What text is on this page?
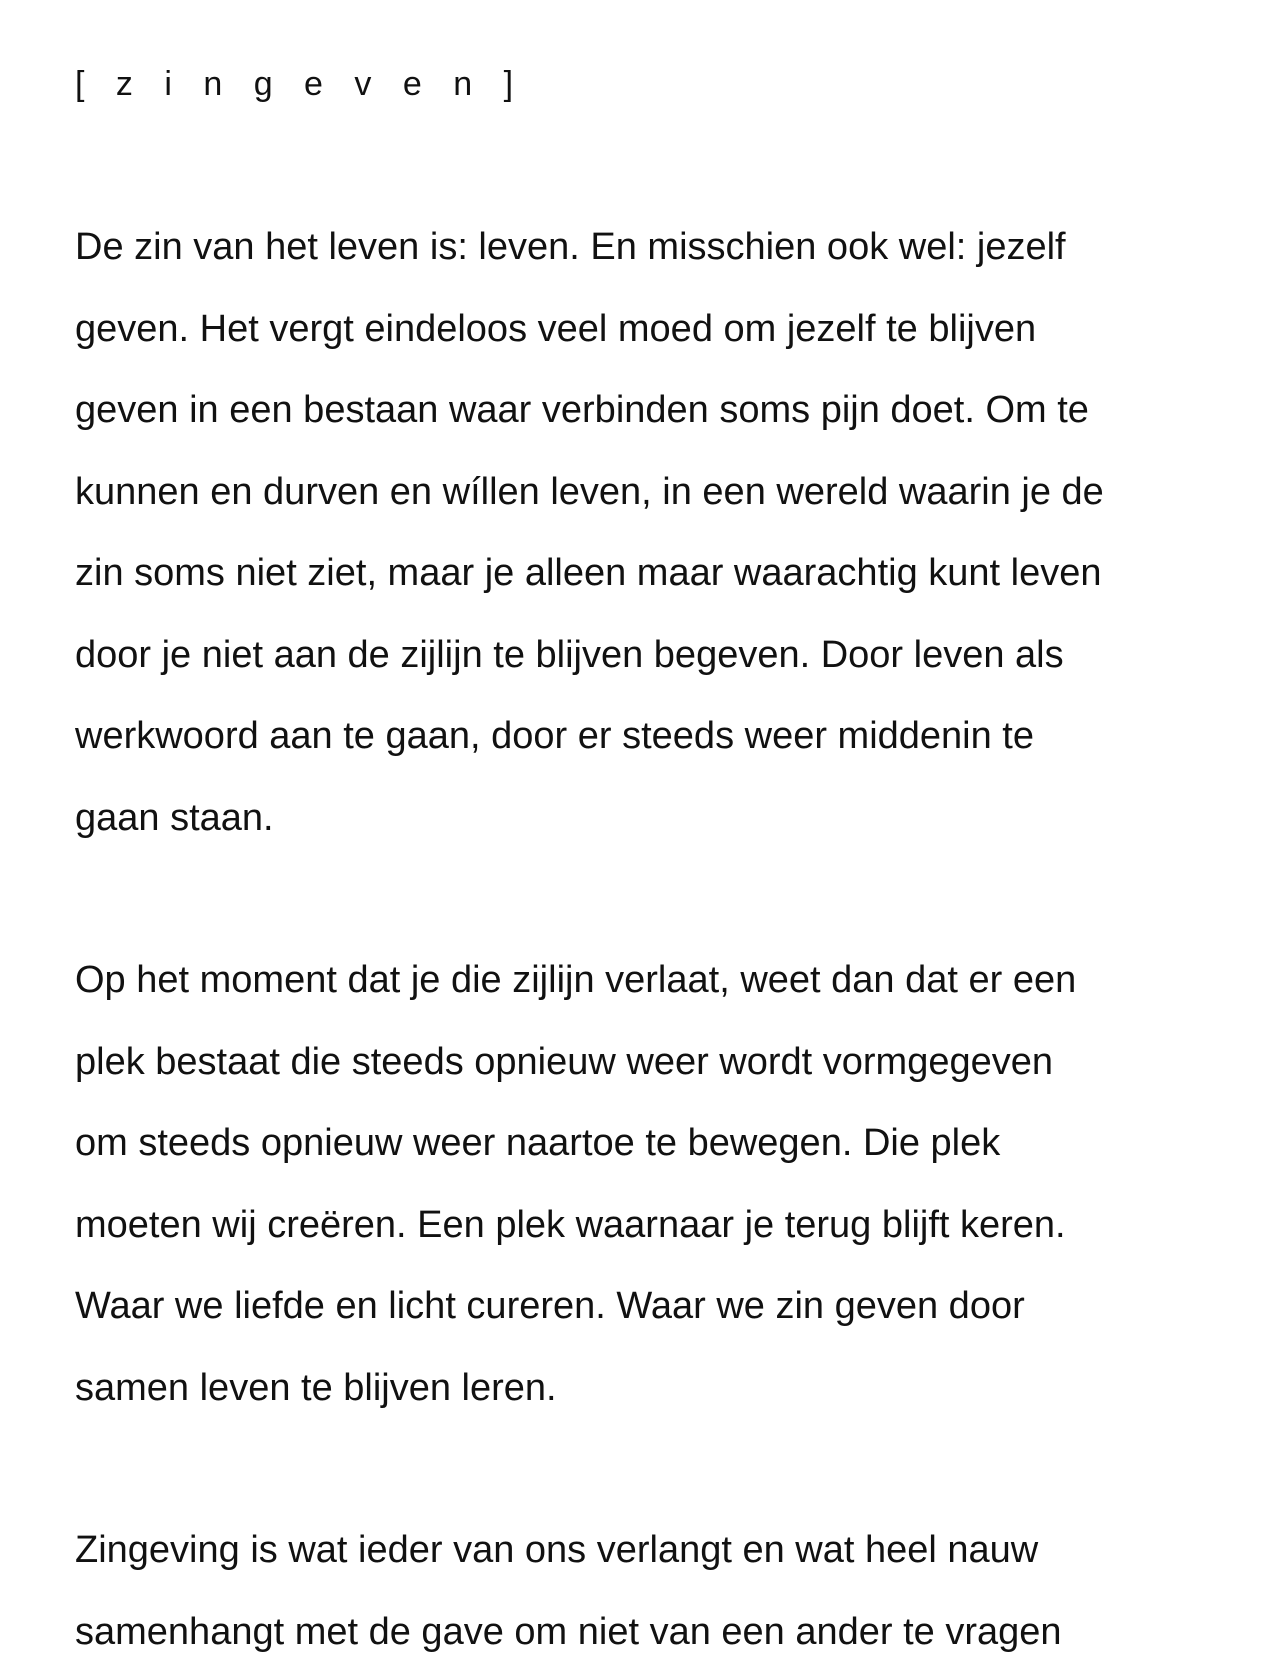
[ z i n g e v e n ]
De zin van het leven is: leven. En misschien ook wel: jezelf
geven. Het vergt eindeloos veel moed om jezelf te blijven
geven in een bestaan waar verbinden soms pijn doet. Om te
kunnen en durven en wíllen leven, in een wereld waarin je de
zin soms niet ziet, maar je alleen maar waarachtig kunt leven
door je niet aan de zijlijn te blijven begeven. Door leven als
werkwoord aan te gaan, door er steeds weer middenin te
gaan staan.
Op het moment dat je die zijlijn verlaat, weet dan dat er een
plek bestaat die steeds opnieuw weer wordt vormgegeven
om steeds opnieuw weer naartoe te bewegen. Die plek
moeten wij creëren. Een plek waarnaar je terug blijft keren.
Waar we liefde en licht cureren. Waar we zin geven door
samen leven te blijven leren.
Zingeving is wat ieder van ons verlangt en wat heel nauw
samenhangt met de gave om niet van een ander te vragen
